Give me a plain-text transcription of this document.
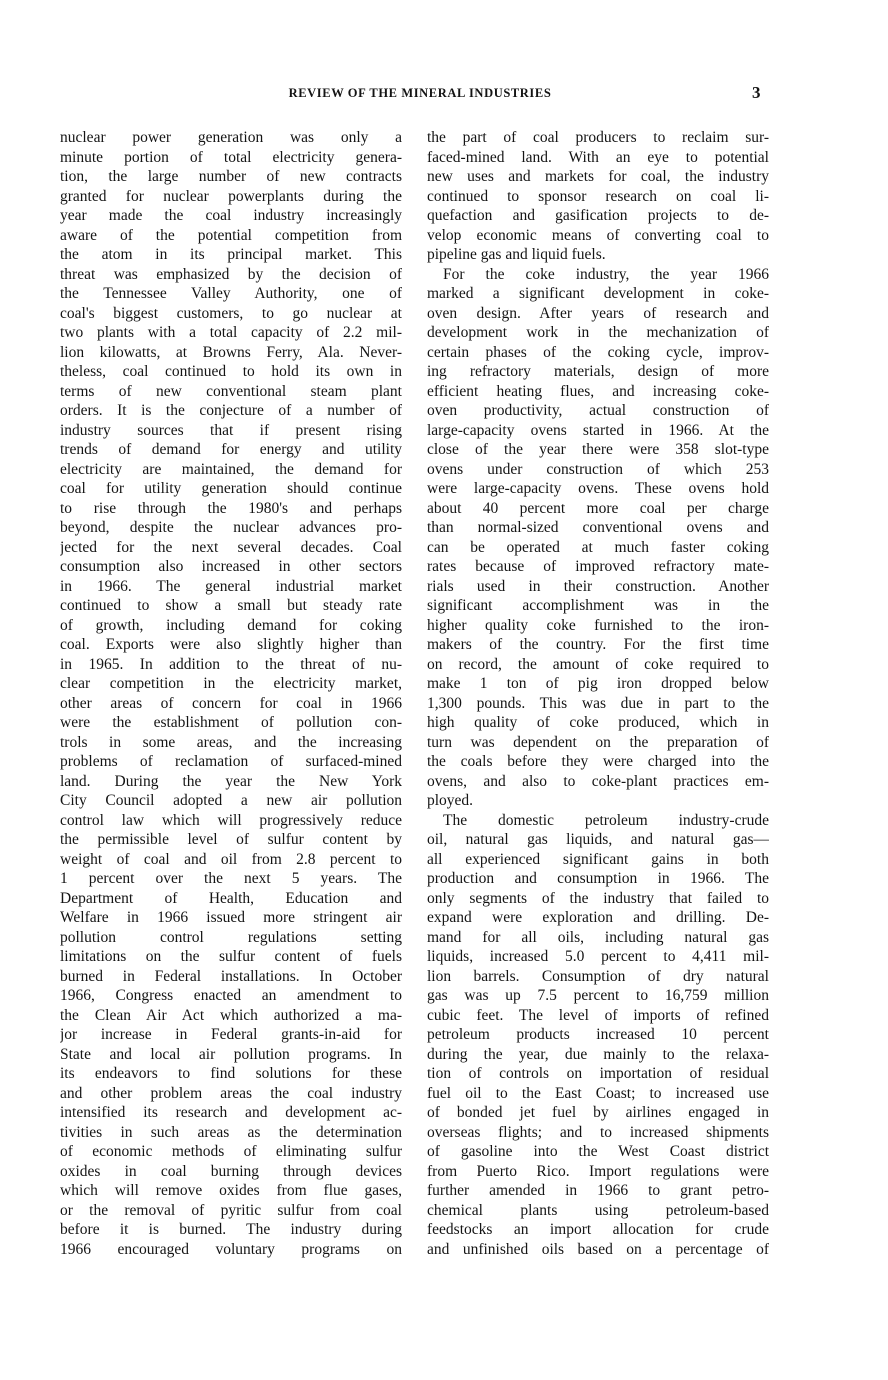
REVIEW OF THE MINERAL INDUSTRIES	3
nuclear power generation was only a
minute portion of total electricity genera-
tion, the large number of new contracts
granted for nuclear powerplants during the
year made the coal industry increasingly
aware of the potential competition from
the atom in its principal market. This
threat was emphasized by the decision of
the Tennessee Valley Authority, one of
coal's biggest customers, to go nuclear at
two plants with a total capacity of 2.2 mil-
lion kilowatts, at Browns Ferry, Ala. Never-
theless, coal continued to hold its own in
terms of new conventional steam plant
orders. It is the conjecture of a number of
industry sources that if present rising
trends of demand for energy and utility
electricity are maintained, the demand for
coal for utility generation should continue
to rise through the 1980's and perhaps
beyond, despite the nuclear advances pro-
jected for the next several decades. Coal
consumption also increased in other sectors
in 1966. The general industrial market
continued to show a small but steady rate
of growth, including demand for coking
coal. Exports were also slightly higher than
in 1965. In addition to the threat of nu-
clear competition in the electricity market,
other areas of concern for coal in 1966
were the establishment of pollution con-
trols in some areas, and the increasing
problems of reclamation of surfaced-mined
land. During the year the New York
City Council adopted a new air pollution
control law which will progressively reduce
the permissible level of sulfur content by
weight of coal and oil from 2.8 percent to
1 percent over the next 5 years. The
Department of Health, Education and
Welfare in 1966 issued more stringent air
pollution control regulations setting
limitations on the sulfur content of fuels
burned in Federal installations. In October
1966, Congress enacted an amendment to
the Clean Air Act which authorized a ma-
jor increase in Federal grants-in-aid for
State and local air pollution programs. In
its endeavors to find solutions for these
and other problem areas the coal industry
intensified its research and development ac-
tivities in such areas as the determination
of economic methods of eliminating sulfur
oxides in coal burning through devices
which will remove oxides from flue gases,
or the removal of pyritic sulfur from coal
before it is burned. The industry during
1966 encouraged voluntary programs on
the part of coal producers to reclaim sur-
faced-mined land. With an eye to potential
new uses and markets for coal, the industry
continued to sponsor research on coal li-
quefaction and gasification projects to de-
velop economic means of converting coal to
pipeline gas and liquid fuels.
For the coke industry, the year 1966
marked a significant development in coke-
oven design. After years of research and
development work in the mechanization of
certain phases of the coking cycle, improv-
ing refractory materials, design of more
efficient heating flues, and increasing coke-
oven productivity, actual construction of
large-capacity ovens started in 1966. At the
close of the year there were 358 slot-type
ovens under construction of which 253
were large-capacity ovens. These ovens hold
about 40 percent more coal per charge
than normal-sized conventional ovens and
can be operated at much faster coking
rates because of improved refractory mate-
rials used in their construction. Another
significant accomplishment was in the
higher quality coke furnished to the iron-
makers of the country. For the first time
on record, the amount of coke required to
make 1 ton of pig iron dropped below
1,300 pounds. This was due in part to the
high quality of coke produced, which in
turn was dependent on the preparation of
the coals before they were charged into the
ovens, and also to coke-plant practices em-
ployed.
The domestic petroleum industry-crude
oil, natural gas liquids, and natural gas—
all experienced significant gains in both
production and consumption in 1966. The
only segments of the industry that failed to
expand were exploration and drilling. De-
mand for all oils, including natural gas
liquids, increased 5.0 percent to 4,411 mil-
lion barrels. Consumption of dry natural
gas was up 7.5 percent to 16,759 million
cubic feet. The level of imports of refined
petroleum products increased 10 percent
during the year, due mainly to the relaxa-
tion of controls on importation of residual
fuel oil to the East Coast; to increased use
of bonded jet fuel by airlines engaged in
overseas flights; and to increased shipments
of gasoline into the West Coast district
from Puerto Rico. Import regulations were
further amended in 1966 to grant petro-
chemical plants using petroleum-based
feedstocks an import allocation for crude
and unfinished oils based on a percentage of
